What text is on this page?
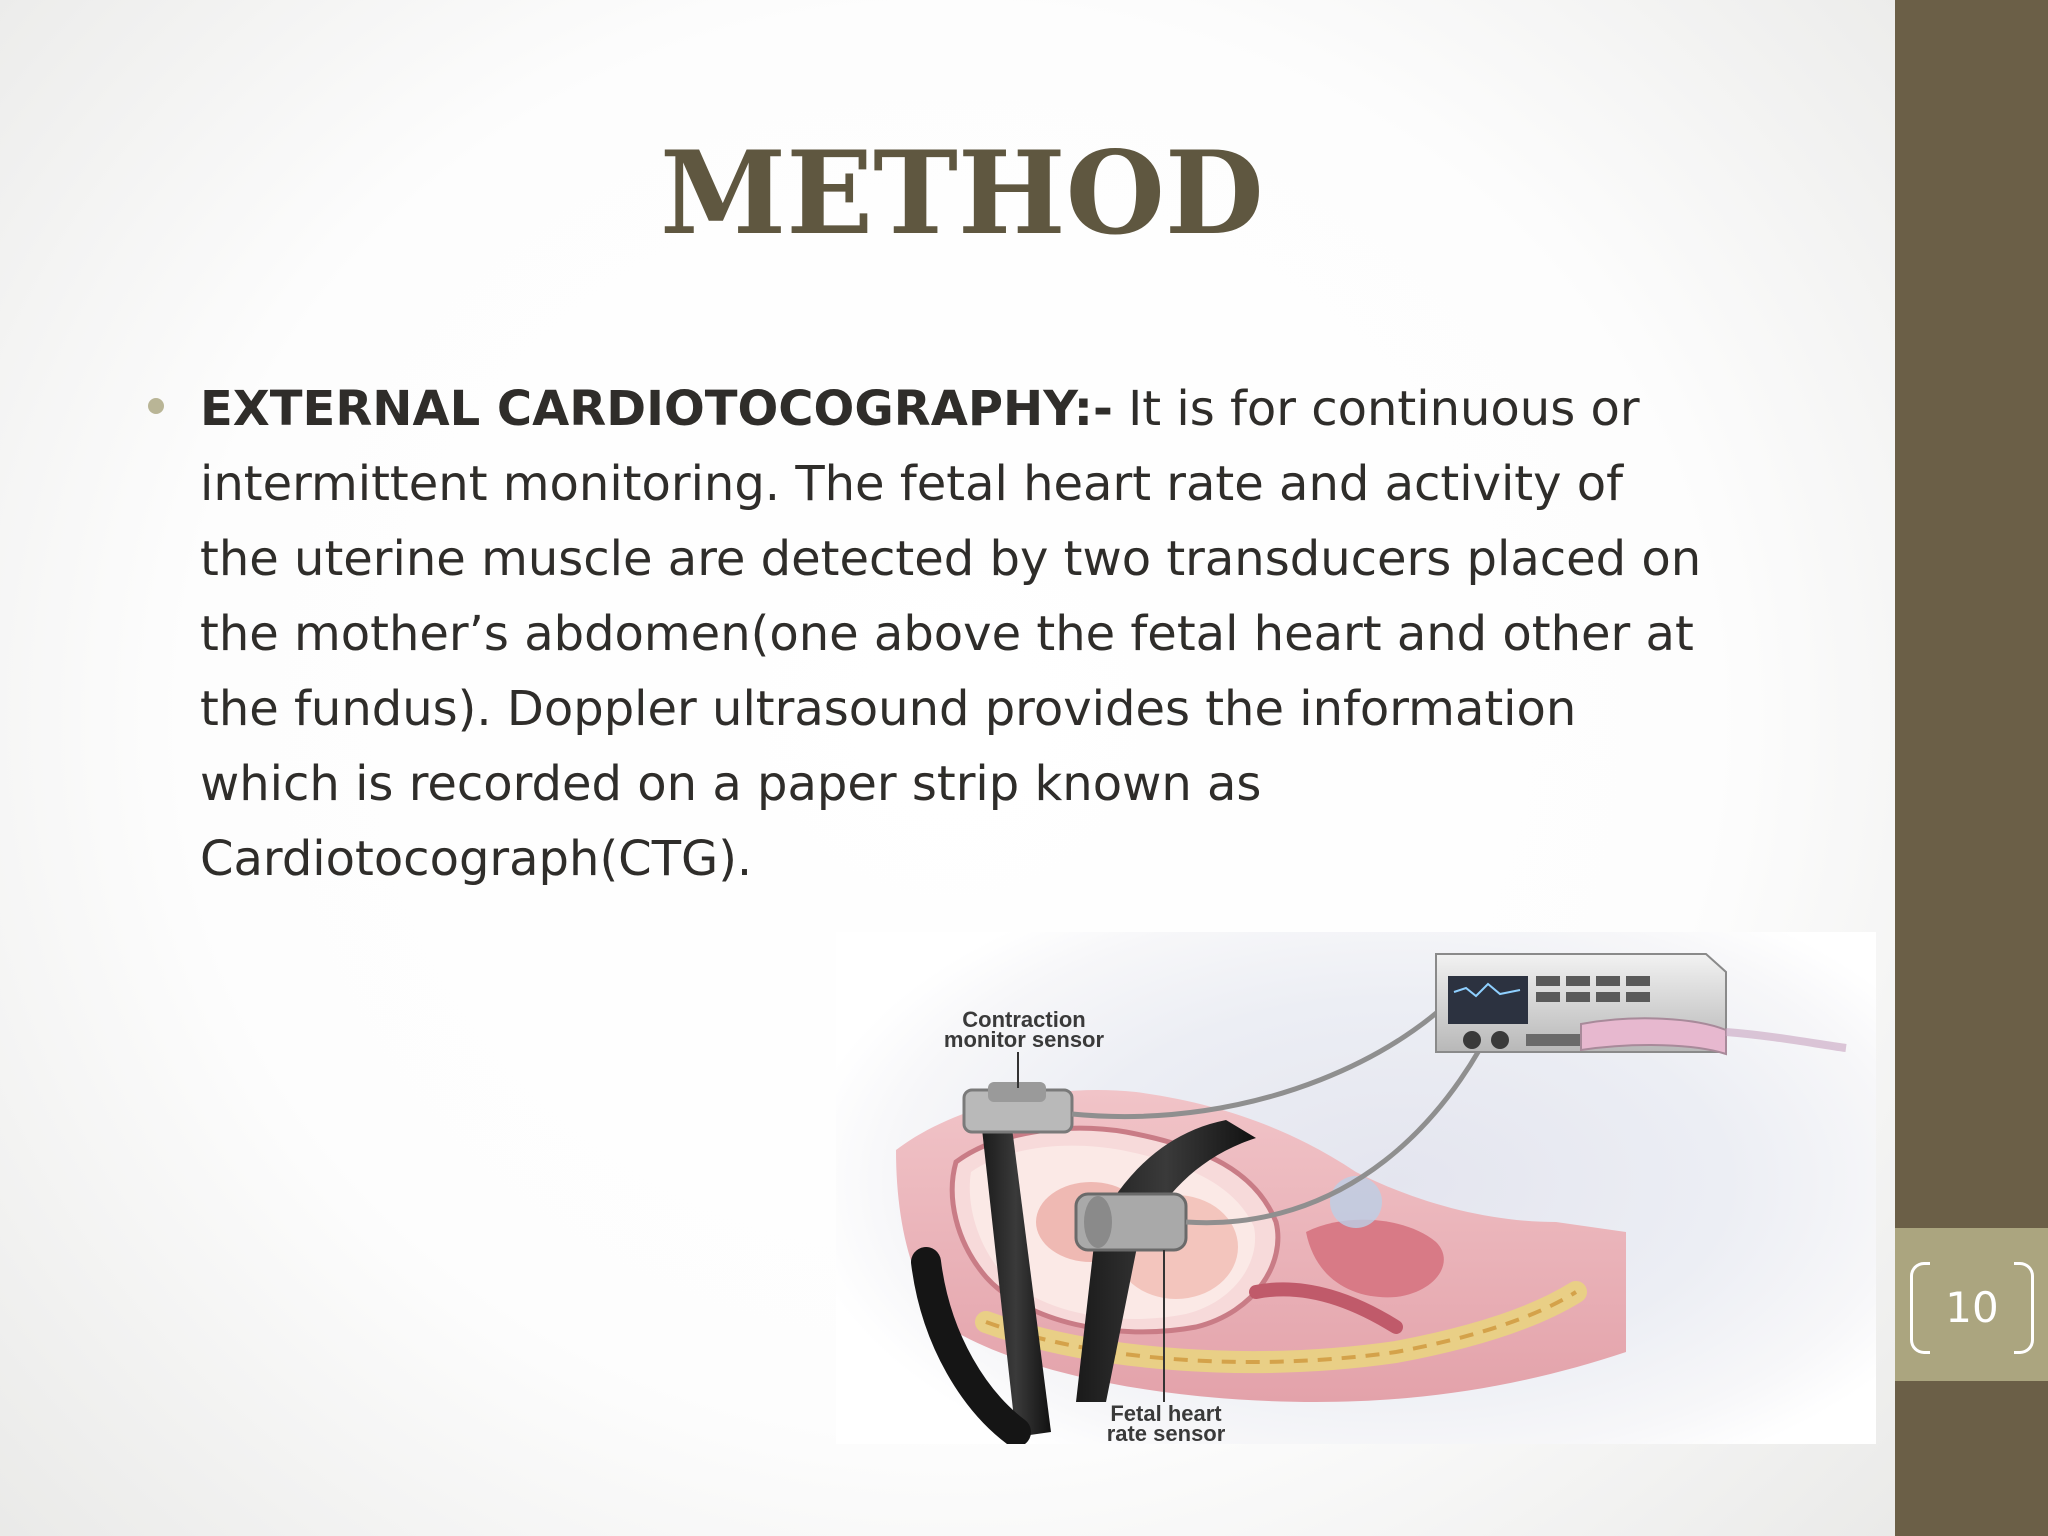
METHOD

EXTERNAL CARDIOTOCOGRAPHY:- It is for continuous or
intermittent monitoring. The fetal heart rate and activity of
the uterine muscle are detected by two transducers placed on
the mother’s abdomen(one above the fetal heart and other at
the fundus). Doppler ultrasound provides the information
which is recorded on a paper strip known as
Cardiotocograph(CTG).

Contraction
monitor sensor
Fetal heart
rate sensor
10
